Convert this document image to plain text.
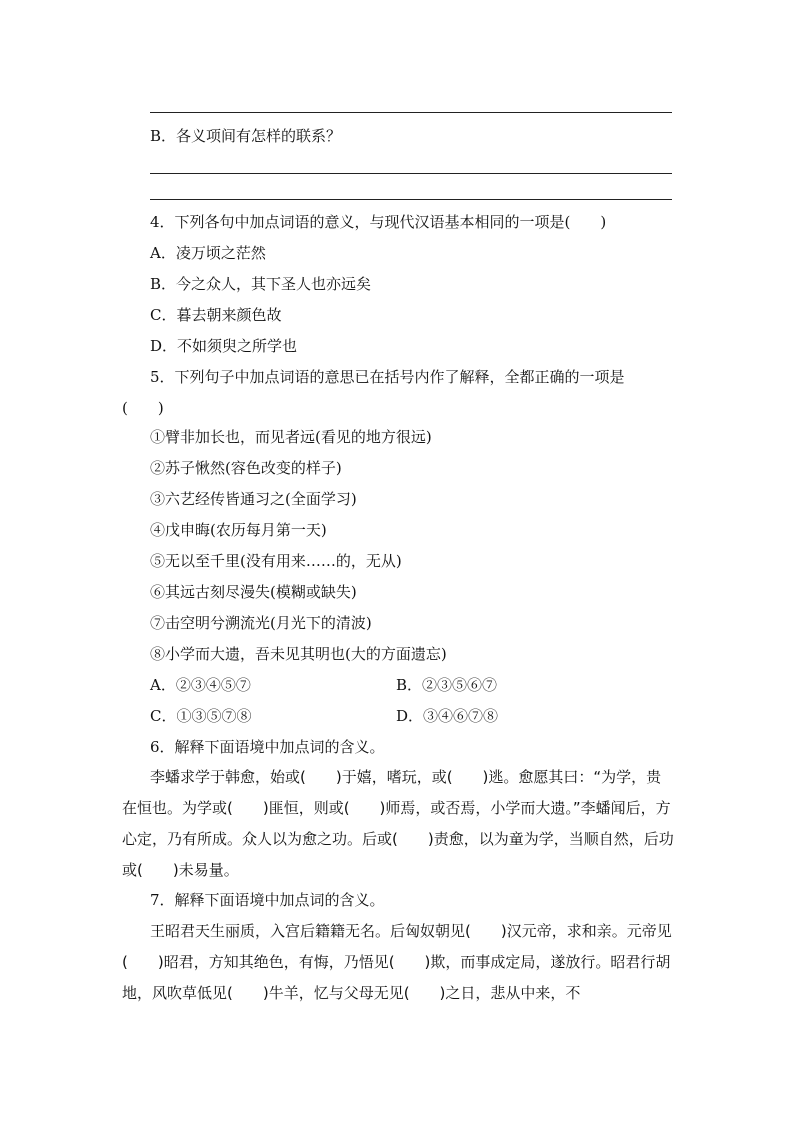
B．各义项间有怎样的联系？
4．下列各句中加点词语的意义，与现代汉语基本相同的一项是(　　)
A．凌万顷之茫然
B．今之众人，其下圣人也亦远矣
C．暮去朝来颜色故
D．不如须臾之所学也
5．下列句子中加点词语的意思已在括号内作了解释，全都正确的一项是
(　　)
①臂非加长也，而见者远(看见的地方很远)
②苏子愀然(容色改变的样子)
③六艺经传皆通习之(全面学习)
④戊申晦(农历每月第一天)
⑤无以至千里(没有用来……的，无从)
⑥其远古刻尽漫失(模糊或缺失)
⑦击空明兮溯流光(月光下的清波)
⑧小学而大遗，吾未见其明也(大的方面遗忘)
A．②③④⑤⑦	B．②③⑤⑥⑦
C．①③⑤⑦⑧	D．③④⑥⑦⑧
6．解释下面语境中加点词的含义。
李蟠求学于韩愈，始或(　　)于嬉，嗜玩，或(　　)逃。愈愿其曰：“为学，贵在恒也。为学或(　　)匪恒，则或(　　)师焉，或否焉，小学而大遗。”李蟠闻后，方心定，乃有所成。众人以为愈之功。后或(　　)责愈，以为童为学，当顺自然，后功或(　　)未易量。
7．解释下面语境中加点词的含义。
王昭君天生丽质，入宫后籍籍无名。后匈奴朝见(　　)汉元帝，求和亲。元帝见(　　)昭君，方知其绝色，有悔，乃悟见(　　)欺，而事成定局，遂放行。昭君行胡地，风吹草低见(　　)牛羊，忆与父母无见(　　)之日，悲从中来，不
